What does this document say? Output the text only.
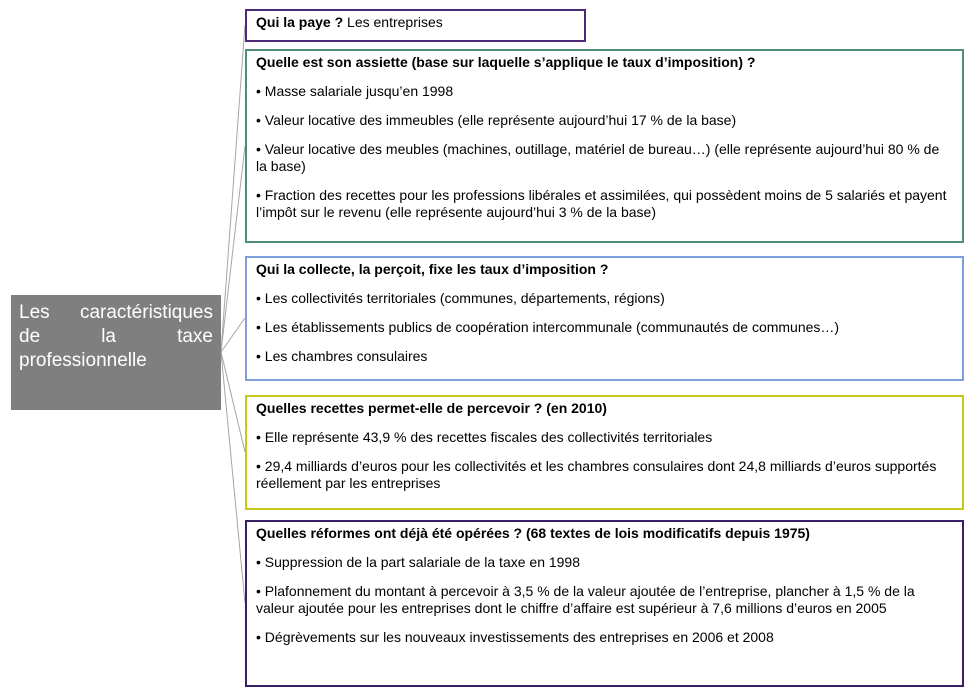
Les caractéristiques de la taxe professionnelle

Qui la paye ? Les entreprises

Quelle est son assiette (base sur laquelle s’applique le taux d’imposition) ?

• Masse salariale jusqu’en 1998
• Valeur locative des immeubles (elle représente aujourd’hui 17 % de la base)
• Valeur locative des meubles (machines, outillage, matériel de bureau…) (elle représente aujourd’hui 80 % de la base)
• Fraction des recettes pour les professions libérales et assimilées, qui possèdent moins de 5 salariés et payent l’impôt sur le revenu (elle représente aujourd’hui 3 % de la base)

Qui la collecte, la perçoit, fixe les taux d’imposition ?

• Les collectivités territoriales (communes, départements, régions)
• Les établissements publics de coopération intercommunale (communautés de communes…)
• Les chambres consulaires

Quelles recettes permet-elle de percevoir ? (en 2010)

• Elle représente 43,9 % des recettes fiscales des collectivités territoriales
• 29,4 milliards d’euros pour les collectivités et les chambres consulaires dont 24,8 milliards d’euros supportés réellement par les entreprises

Quelles réformes ont déjà été opérées ? (68 textes de lois modificatifs depuis 1975)

• Suppression de la part salariale de la taxe en 1998
• Plafonnement du montant à percevoir à 3,5 % de la valeur ajoutée de l’entreprise, plancher à 1,5 % de la valeur ajoutée pour les entreprises dont le chiffre d’affaire est supérieur à 7,6 millions d’euros en 2005
• Dégrèvements sur les nouveaux investissements des entreprises en 2006 et 2008
